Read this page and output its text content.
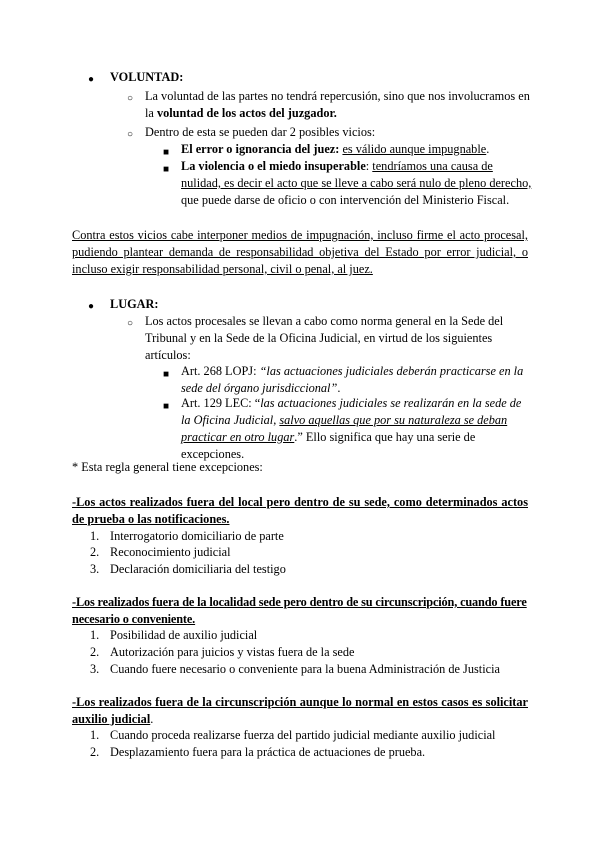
● VOLUNTAD:
○ La voluntad de las partes no tendrá repercusión, sino que nos involucramos en la voluntad de los actos del juzgador.
○ Dentro de esta se pueden dar 2 posibles vicios:
■ El error o ignorancia del juez: es válido aunque impugnable.
■ La violencia o el miedo insuperable: tendríamos una causa de nulidad, es decir el acto que se lleve a cabo será nulo de pleno derecho, que puede darse de oficio o con intervención del Ministerio Fiscal.
Contra estos vicios cabe interponer medios de impugnación, incluso firme el acto procesal, pudiendo plantear demanda de responsabilidad objetiva del Estado por error judicial, o incluso exigir responsabilidad personal, civil o penal, al juez.
● LUGAR:
○ Los actos procesales se llevan a cabo como norma general en la Sede del Tribunal y en la Sede de la Oficina Judicial, en virtud de los siguientes artículos:
■ Art. 268 LOPJ: “las actuaciones judiciales deberán practicarse en la sede del órgano jurisdiccional”.
■ Art. 129 LEC: “las actuaciones judiciales se realizarán en la sede de la Oficina Judicial, salvo aquellas que por su naturaleza se deban practicar en otro lugar.” Ello significa que hay una serie de excepciones.
* Esta regla general tiene excepciones:
-Los actos realizados fuera del local pero dentro de su sede, como determinados actos de prueba o las notificaciones.
1. Interrogatorio domiciliario de parte
2. Reconocimiento judicial
3. Declaración domiciliaria del testigo
-Los realizados fuera de la localidad sede pero dentro de su circunscripción, cuando fuere necesario o conveniente.
1. Posibilidad de auxilio judicial
2. Autorización para juicios y vistas fuera de la sede
3. Cuando fuere necesario o conveniente para la buena Administración de Justicia
-Los realizados fuera de la circunscripción aunque lo normal en estos casos es solicitar auxilio judicial.
1. Cuando proceda realizarse fuerza del partido judicial mediante auxilio judicial
2. Desplazamiento fuera para la práctica de actuaciones de prueba.
